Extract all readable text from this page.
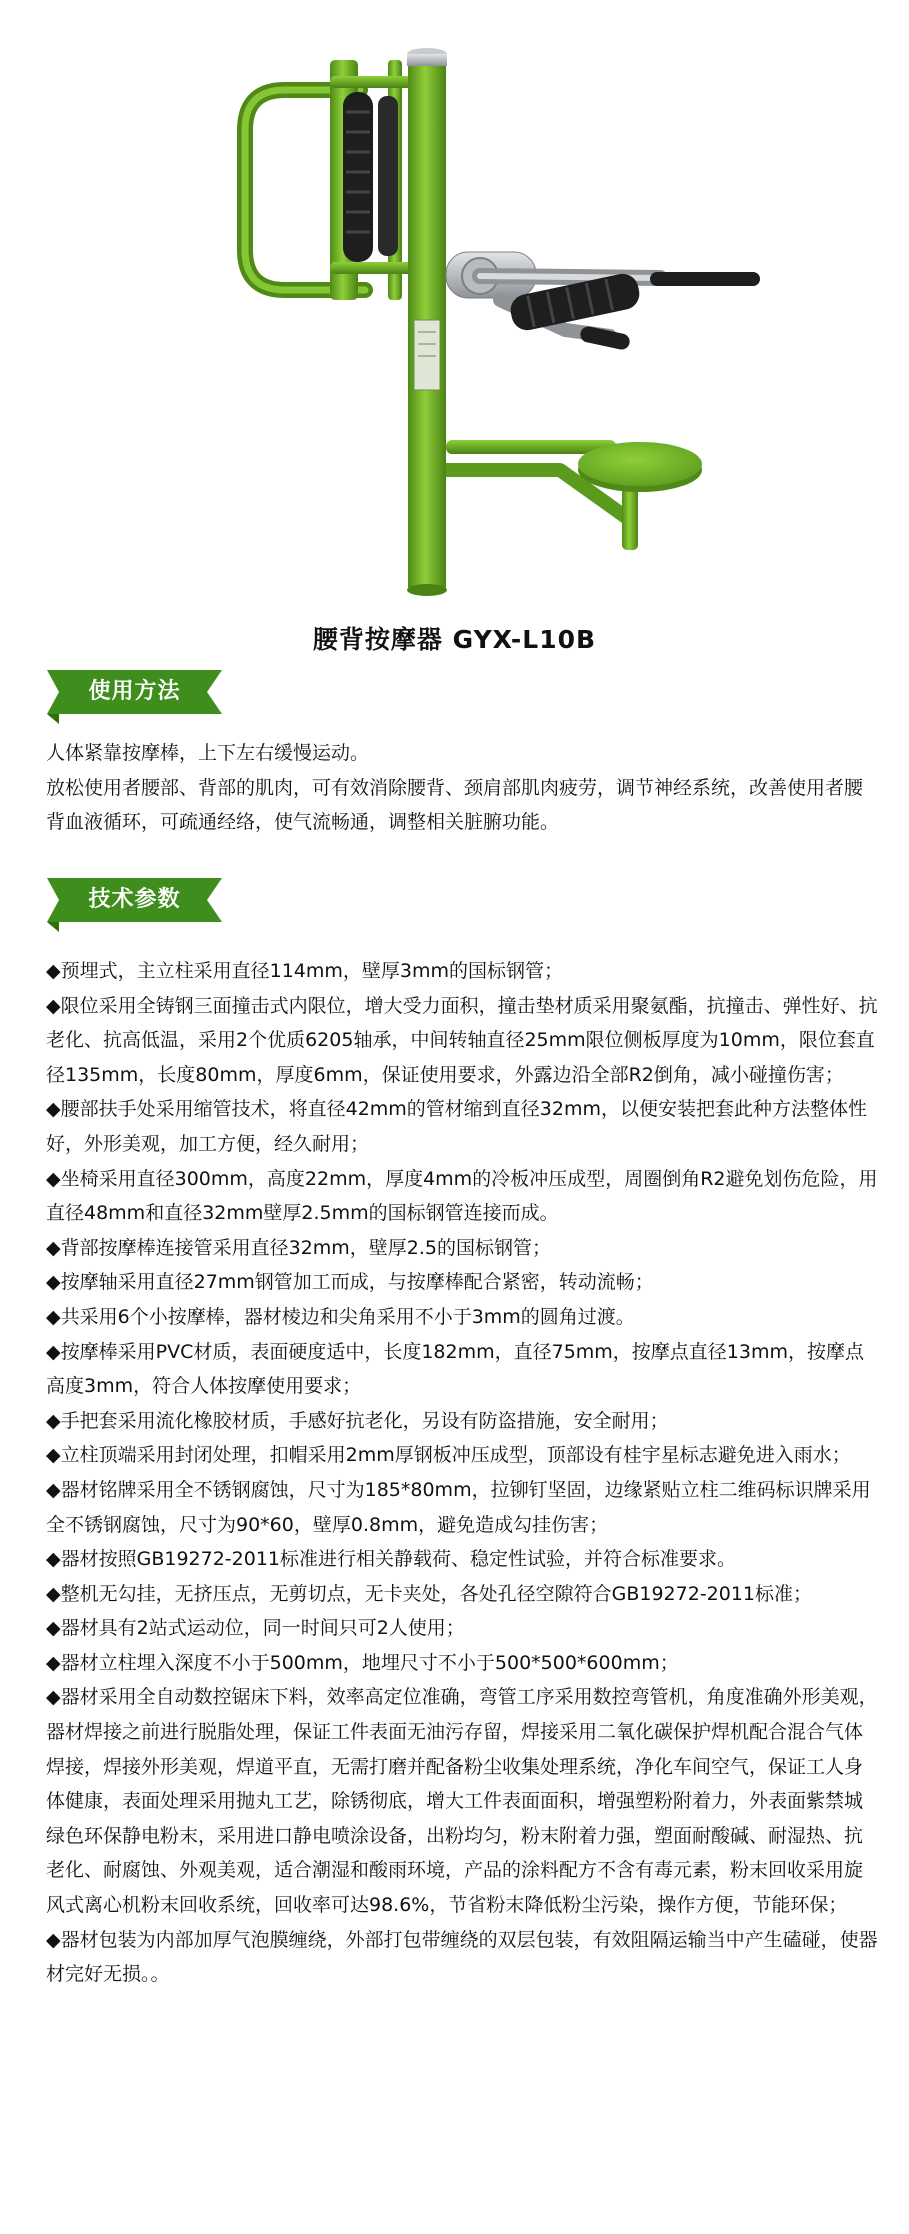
腰背按摩器 GYX-L10B
使用方法

人体紧靠按摩棒，上下左右缓慢运动。

放松使用者腰部、背部的肌肉，可有效消除腰背、颈肩部肌肉疲劳，调节神经系统，改善使用者腰背血液循环，可疏通经络，使气流畅通，调整相关脏腑功能。

技术参数

◆预埋式，主立柱采用直径114mm，壁厚3mm的国标钢管；

◆限位采用全铸钢三面撞击式内限位，增大受力面积，撞击垫材质采用聚氨酯，抗撞击、弹性好、抗老化、抗高低温，采用2个优质6205轴承，中间转轴直径25mm限位侧板厚度为10mm，限位套直径135mm，长度80mm，厚度6mm，保证使用要求，外露边沿全部R2倒角，减小碰撞伤害；

◆腰部扶手处采用缩管技术，将直径42mm的管材缩到直径32mm，以便安装把套此种方法整体性好，外形美观，加工方便，经久耐用；

◆坐椅采用直径300mm，高度22mm，厚度4mm的冷板冲压成型，周圈倒角R2避免划伤危险，用直径48mm和直径32mm壁厚2.5mm的国标钢管连接而成。

◆背部按摩棒连接管采用直径32mm，壁厚2.5的国标钢管；

◆按摩轴采用直径27mm钢管加工而成，与按摩棒配合紧密，转动流畅；

◆共采用6个小按摩棒，器材棱边和尖角采用不小于3mm的圆角过渡。

◆按摩棒采用PVC材质，表面硬度适中，长度182mm，直径75mm，按摩点直径13mm，按摩点高度3mm，符合人体按摩使用要求；

◆手把套采用流化橡胶材质，手感好抗老化，另设有防盗措施，安全耐用；

◆立柱顶端采用封闭处理，扣帽采用2mm厚钢板冲压成型，顶部设有桂宇星标志避免进入雨水；

◆器材铭牌采用全不锈钢腐蚀，尺寸为185*80mm，拉铆钉坚固，边缘紧贴立柱二维码标识牌采用全不锈钢腐蚀，尺寸为90*60，壁厚0.8mm，避免造成勾挂伤害；

◆器材按照GB19272-2011标准进行相关静载荷、稳定性试验，并符合标准要求。

◆整机无勾挂，无挤压点，无剪切点，无卡夹处，各处孔径空隙符合GB19272-2011标准；

◆器材具有2站式运动位，同一时间只可2人使用；

◆器材立柱埋入深度不小于500mm，地埋尺寸不小于500*500*600mm；

◆器材采用全自动数控锯床下料，效率高定位准确，弯管工序采用数控弯管机，角度准确外形美观，器材焊接之前进行脱脂处理，保证工件表面无油污存留，焊接采用二氧化碳保护焊机配合混合气体焊接，焊接外形美观，焊道平直，无需打磨并配备粉尘收集处理系统，净化车间空气，保证工人身体健康，表面处理采用抛丸工艺，除锈彻底，增大工件表面面积，增强塑粉附着力，外表面紫禁城绿色环保静电粉末，采用进口静电喷涂设备，出粉均匀，粉末附着力强，塑面耐酸碱、耐湿热、抗老化、耐腐蚀、外观美观，适合潮湿和酸雨环境，产品的涂料配方不含有毒元素，粉末回收采用旋风式离心机粉末回收系统，回收率可达98.6%，节省粉末降低粉尘污染，操作方便，节能环保；

◆器材包装为内部加厚气泡膜缠绕，外部打包带缠绕的双层包装，有效阻隔运输当中产生磕碰，使器材完好无损。。
